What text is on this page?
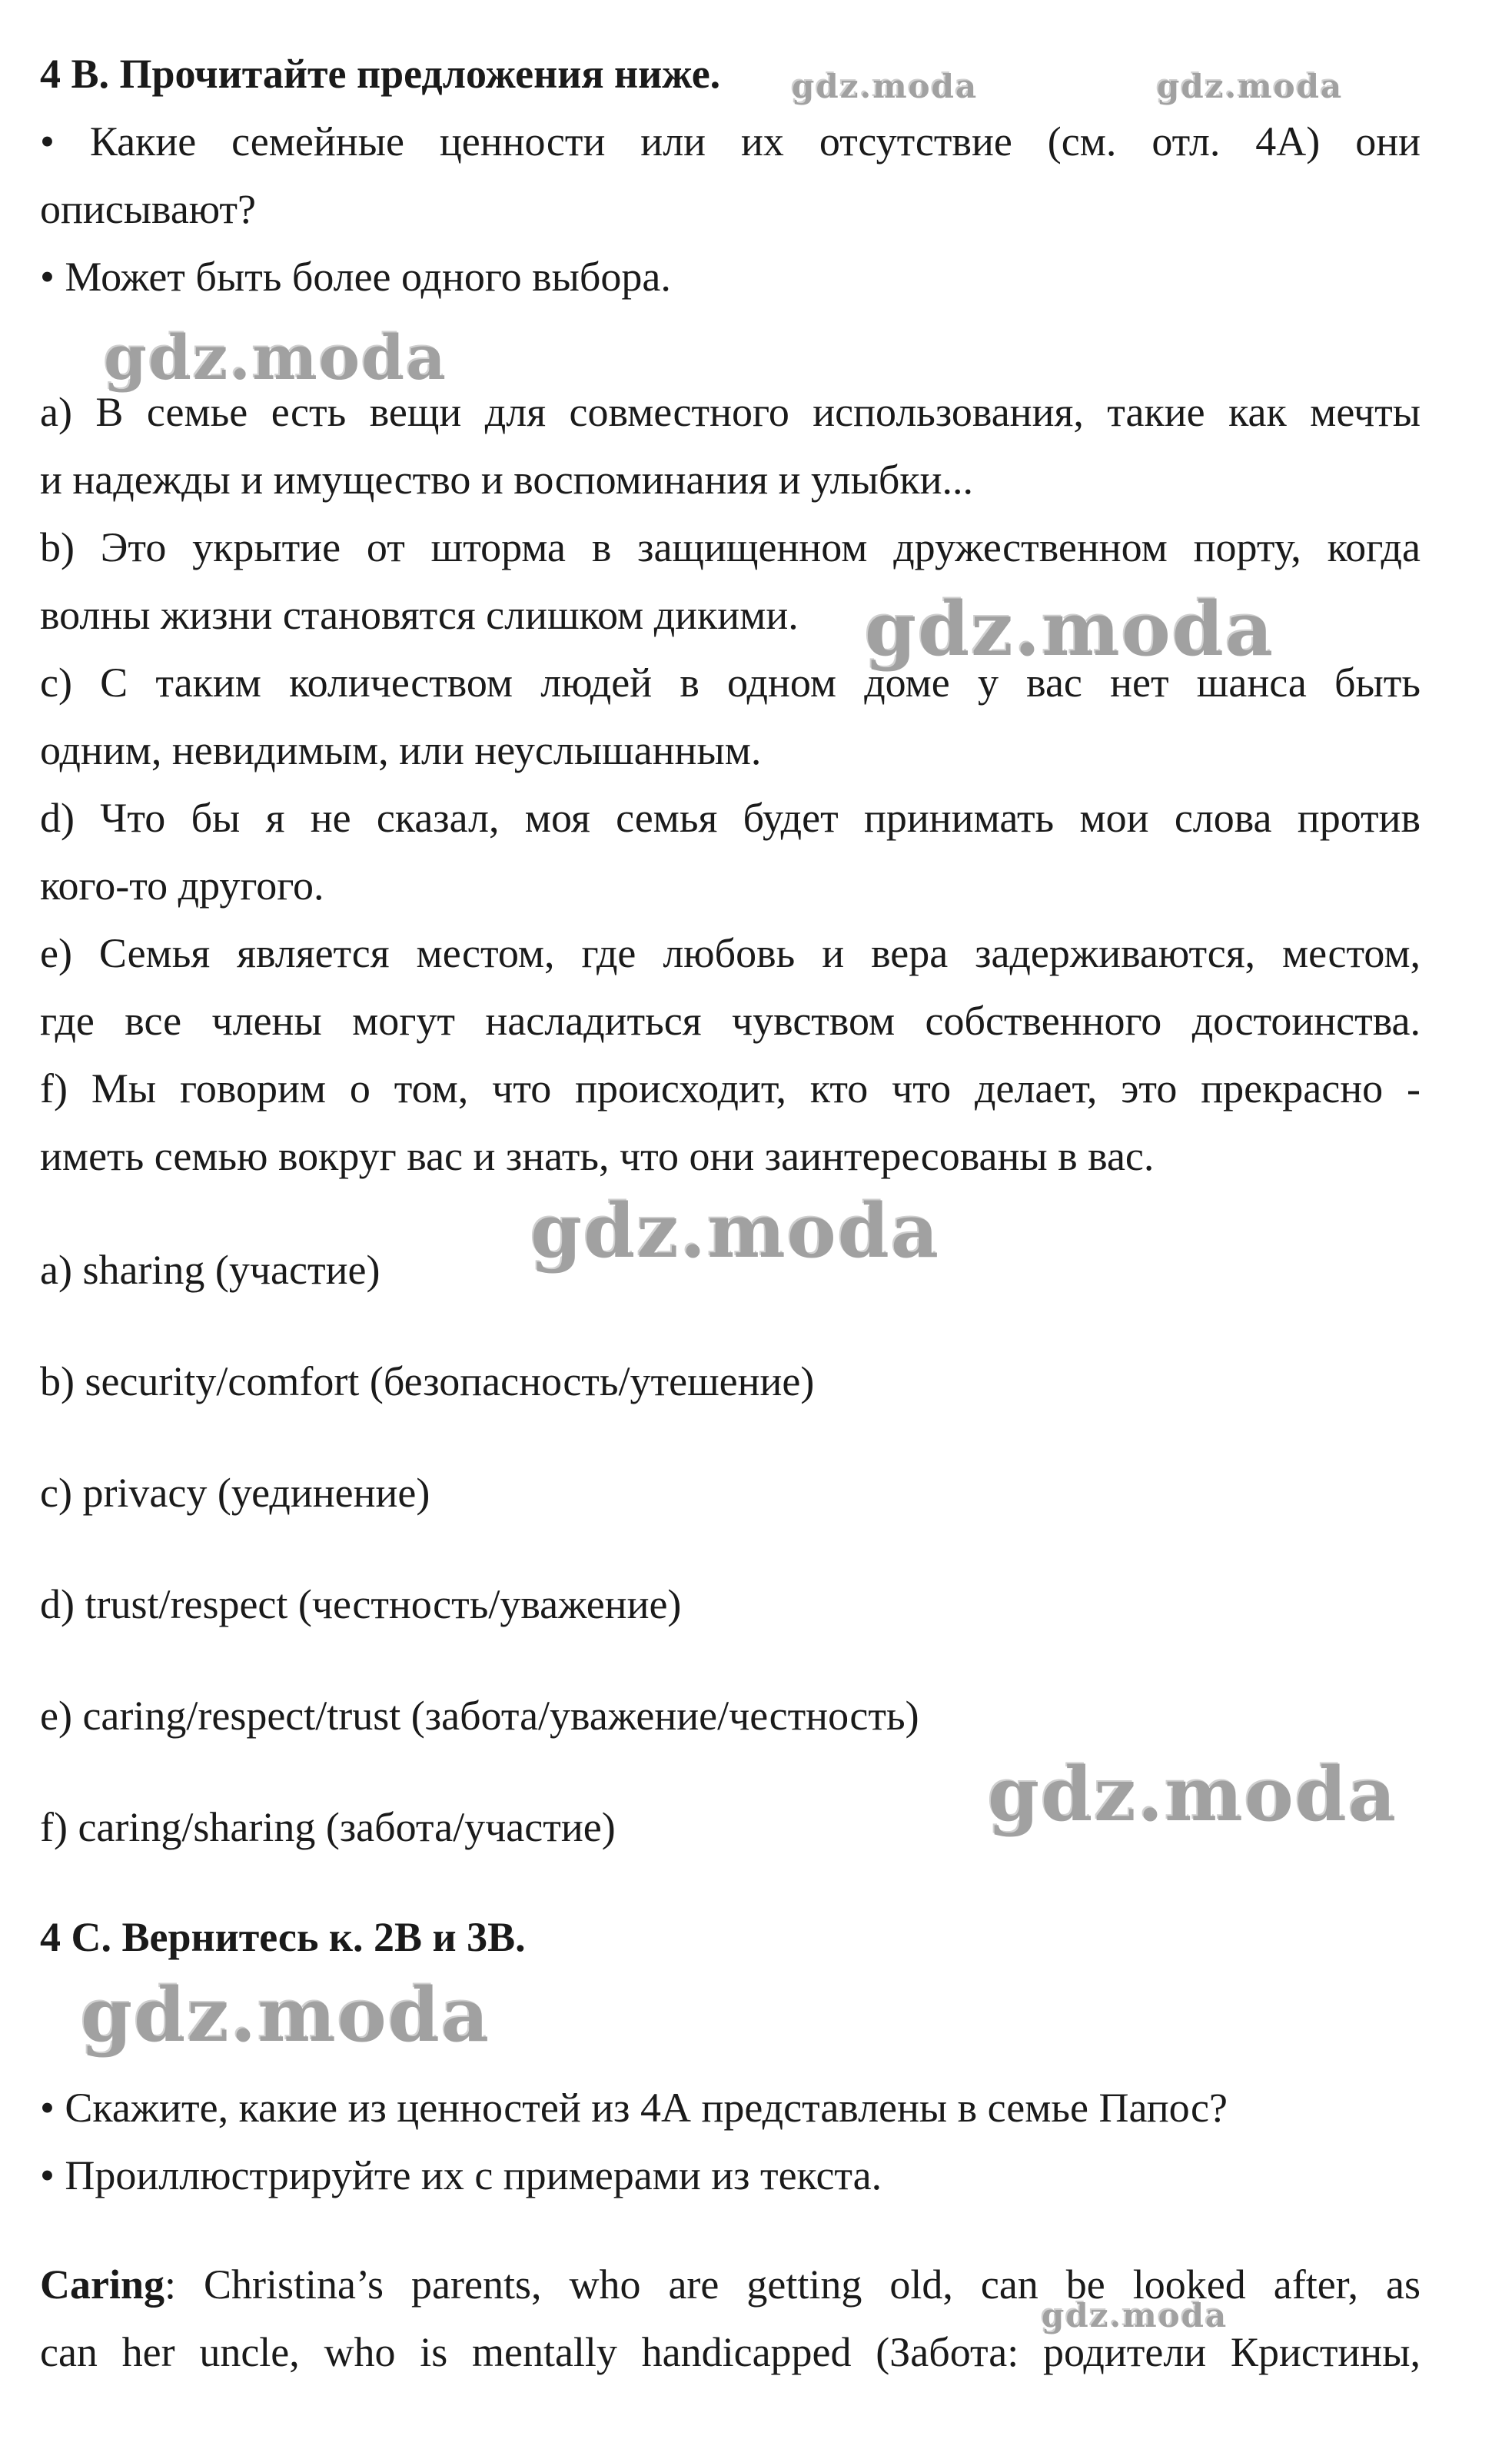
4 B. Прочитайте предложения ниже.
• Какие семейные ценности или их отсутствие (см. отл. 4А) они
описывают?
• Может быть более одного выбора.
a) В семье есть вещи для совместного использования, такие как мечты
и надежды и имущество и воспоминания и улыбки...
b) Это укрытие от шторма в защищенном дружественном порту, когда
волны жизни становятся слишком дикими.
c) С таким количеством людей в одном доме у вас нет шанса быть
одним, невидимым, или неуслышанным.
d) Что бы я не сказал, моя семья будет принимать мои слова против
кого-то другого.
e) Семья является местом, где любовь и вера задерживаются, местом,
где все члены могут насладиться чувством собственного достоинства.
f) Мы говорим о том, что происходит, кто что делает, это прекрасно -
иметь семью вокруг вас и знать, что они заинтересованы в вас.
a) sharing (участие)
b) security/comfort (безопасность/утешение)
c) privacy (уединение)
d) trust/respect (честность/уважение)
e) caring/respect/trust (забота/уважение/честность)
f) caring/sharing (забота/участие)
4 C. Вернитесь к. 2B и 3B.
• Скажите, какие из ценностей из 4А представлены в семье Папос?
• Проиллюстрируйте их с примерами из текста.
Caring: Christina’s parents, who are getting old, can be looked after, as
can her uncle, who is mentally handicapped (Забота: родители Кристины,
gdz.moda	gdz.moda
gdz.moda
gdz.moda
gdz.moda
gdz.moda
gdz.moda
gdz.moda
